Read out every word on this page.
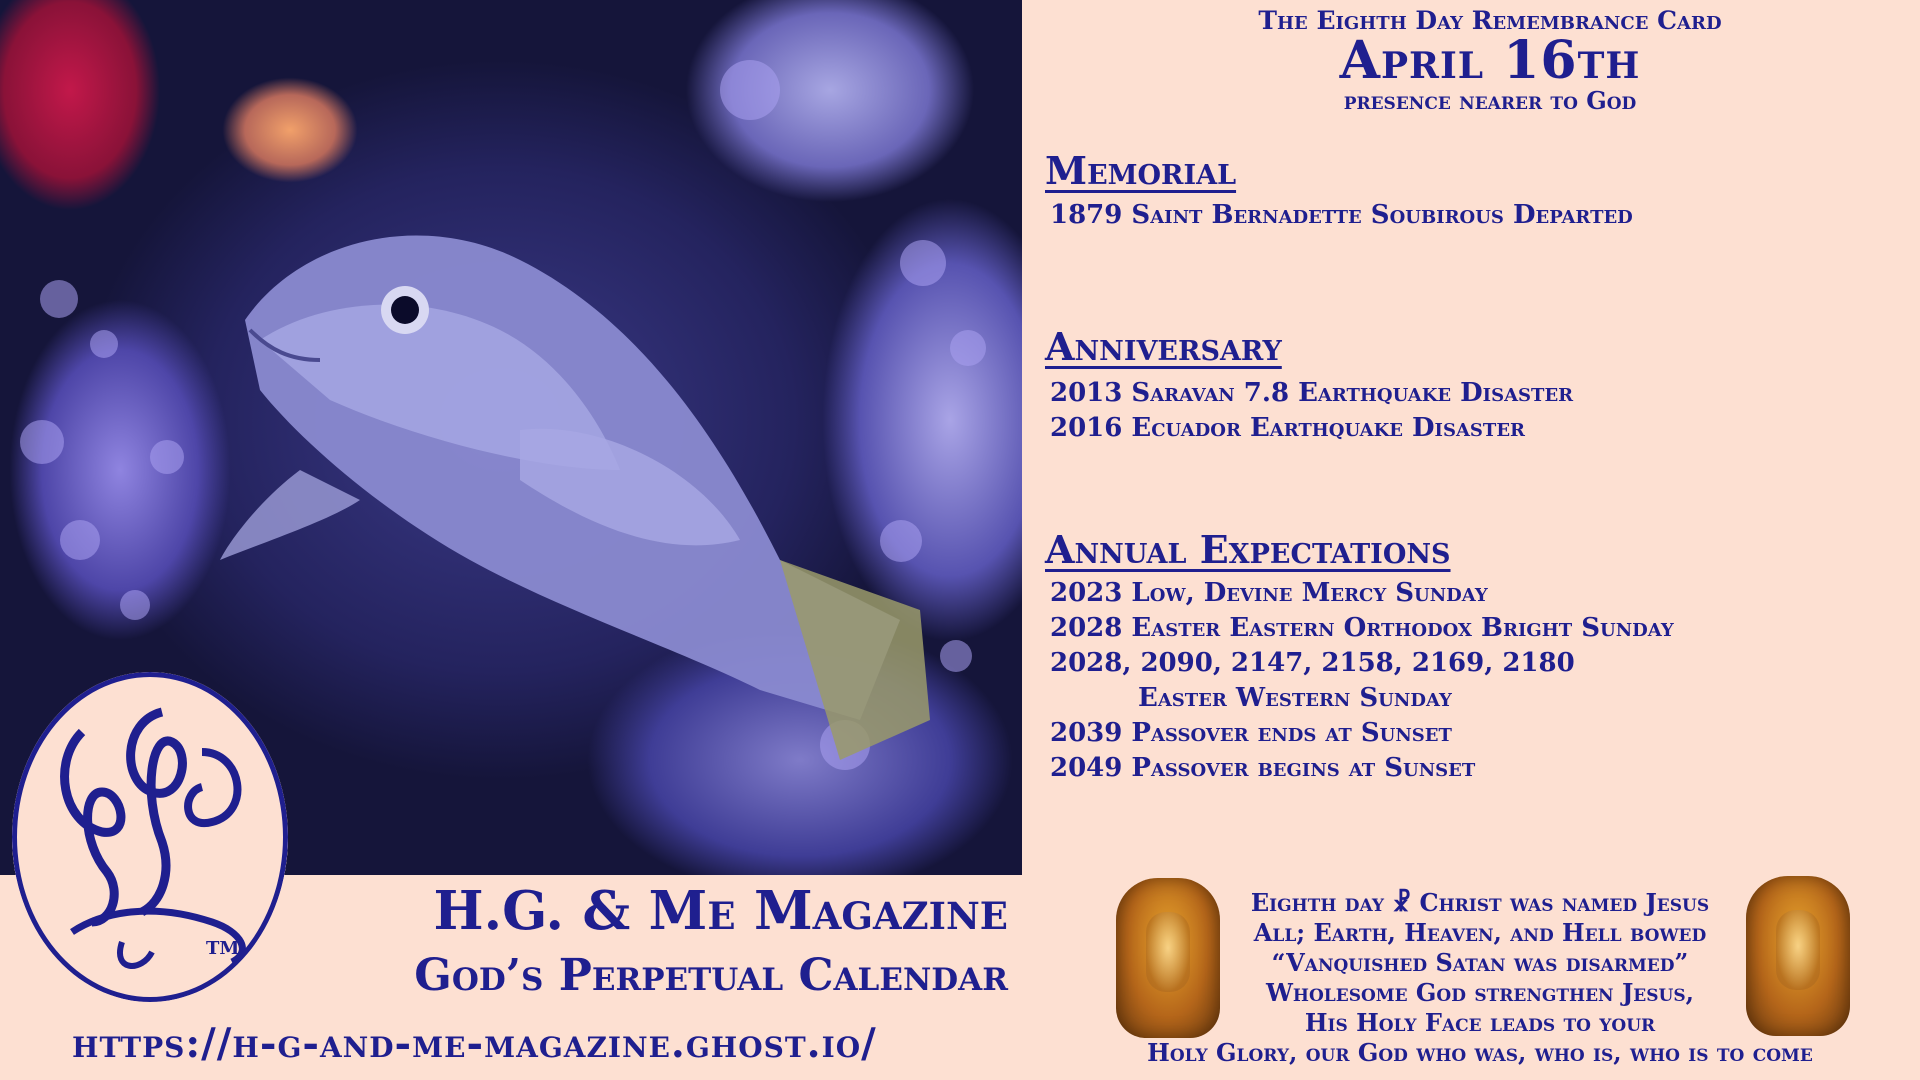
TM
H.G. & Me Magazine
God’s Perpetual Calendar
https://h-g-and-me-magazine.ghost.io/
The Eighth Day Remembrance Card
April 16th
presence nearer to God
Memorial
1879 Saint Bernadette Soubirous Departed
Anniversary
2013 Saravan 7.8 Earthquake Disaster
2016 Ecuador Earthquake Disaster
Annual Expectations
2023 Low, Devine Mercy Sunday
2028 Easter Eastern Orthodox Bright Sunday
2028, 2090, 2147, 2158, 2169, 2180
Easter Western Sunday
2039 Passover ends at Sunset
2049 Passover begins at Sunset
Eighth day ☧ Christ was named Jesus
All; Earth, Heaven, and Hell bowed
“Vanquished Satan was disarmed”
Wholesome God strengthen Jesus,
His Holy Face leads to your
Holy Glory, our God who was, who is, who is to come
